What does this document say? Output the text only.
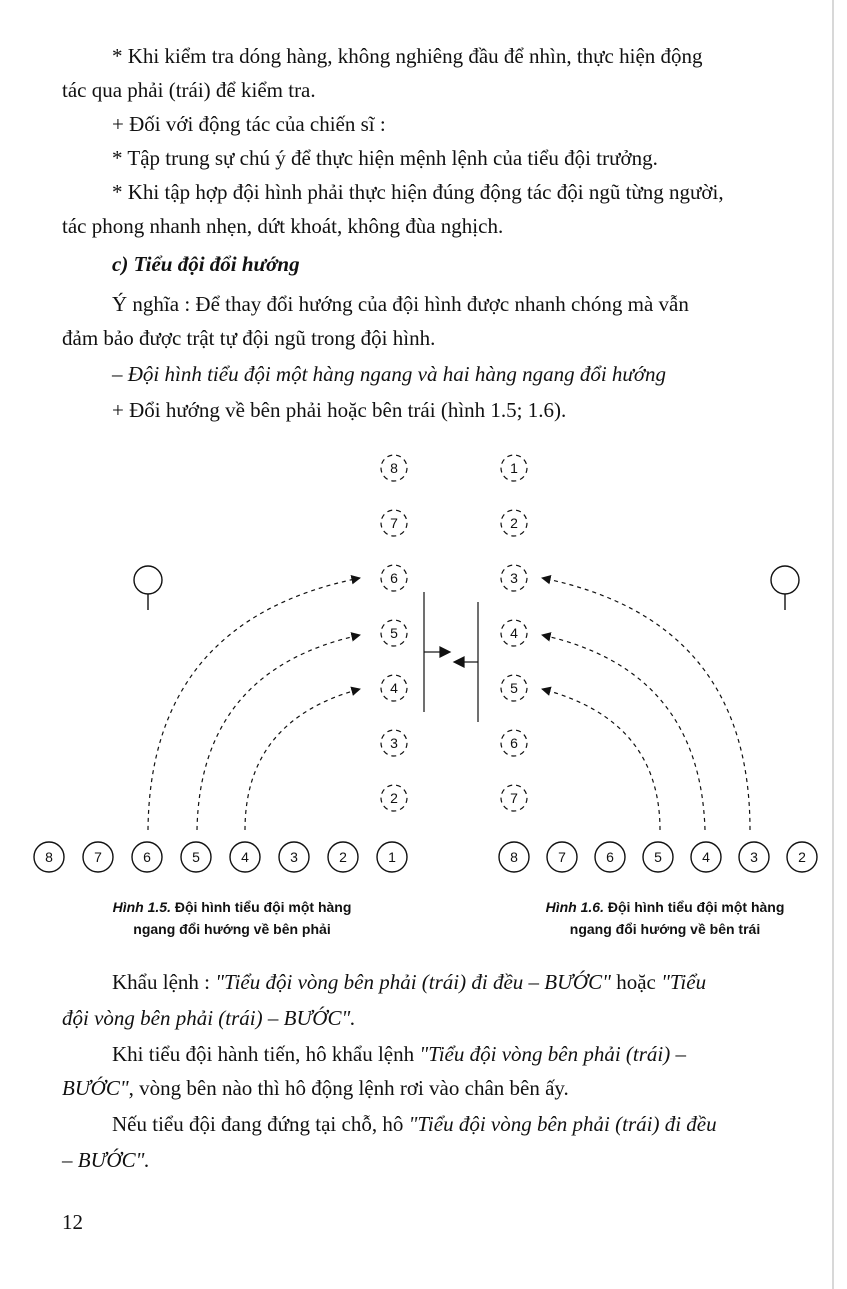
* Khi kiểm tra dóng hàng, không nghiêng đầu để nhìn, thực hiện động
tác qua phải (trái) để kiểm tra.
+ Đối với động tác của chiến sĩ :
* Tập trung sự chú ý để thực hiện mệnh lệnh của tiểu đội trưởng.
* Khi tập hợp đội hình phải thực hiện đúng động tác đội ngũ từng người,
tác phong nhanh nhẹn, dứt khoát, không đùa nghịch.
c) Tiểu đội đổi hướng
Ý nghĩa : Để thay đổi hướng của đội hình được nhanh chóng mà vẫn
đảm bảo được trật tự đội ngũ trong đội hình.
– Đội hình tiểu đội một hàng ngang và hai hàng ngang đổi hướng
+ Đổi hướng về bên phải hoặc bên trái (hình 1.5; 1.6).
8
7
6
5
4
3
2
1
2
3
4
5
6
7
8	7	6	5	4	3	2	1	8	7	6	5	4	3	2
Hình 1.5. Đội hình tiểu đội một hàng
ngang đổi hướng về bên phải
Hình 1.6. Đội hình tiểu đội một hàng
ngang đổi hướng về bên trái
Khẩu lệnh : "Tiểu đội vòng bên phải (trái) đi đều – BƯỚC" hoặc "Tiểu
đội vòng bên phải (trái) – BƯỚC".
Khi tiểu đội hành tiến, hô khẩu lệnh "Tiểu đội vòng bên phải (trái) –
BƯỚC", vòng bên nào thì hô động lệnh rơi vào chân bên ấy.
Nếu tiểu đội đang đứng tại chỗ, hô "Tiểu đội vòng bên phải (trái) đi đều
– BƯỚC".
12
